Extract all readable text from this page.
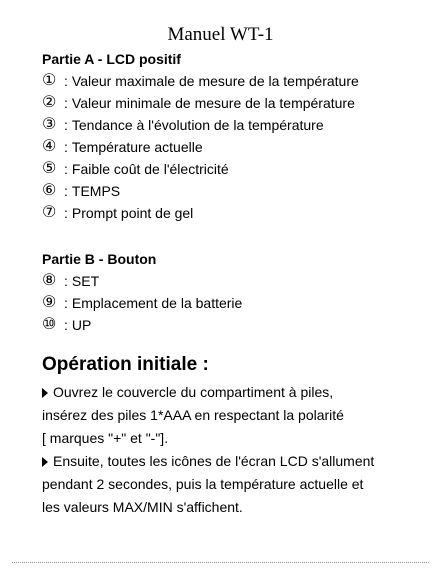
Manuel WT-1
Partie A - LCD positif
① : Valeur maximale de mesure de la température
② : Valeur minimale de mesure de la température
③ : Tendance à l'évolution de la température
④ : Température actuelle
⑤ : Faible coût de l'électricité
⑥ : TEMPS
⑦ : Prompt point de gel
Partie B - Bouton
⑧ : SET
⑨ : Emplacement de la batterie
⑩ : UP
Opération initiale :

Ouvrez le couvercle du compartiment à piles,
insérez des piles 1*AAA en respectant la polarité
[ marques "+" et "-"].

Ensuite, toutes les icônes de l'écran LCD s'allument
pendant 2 secondes, puis la température actuelle et
les valeurs MAX/MIN s'affichent.
